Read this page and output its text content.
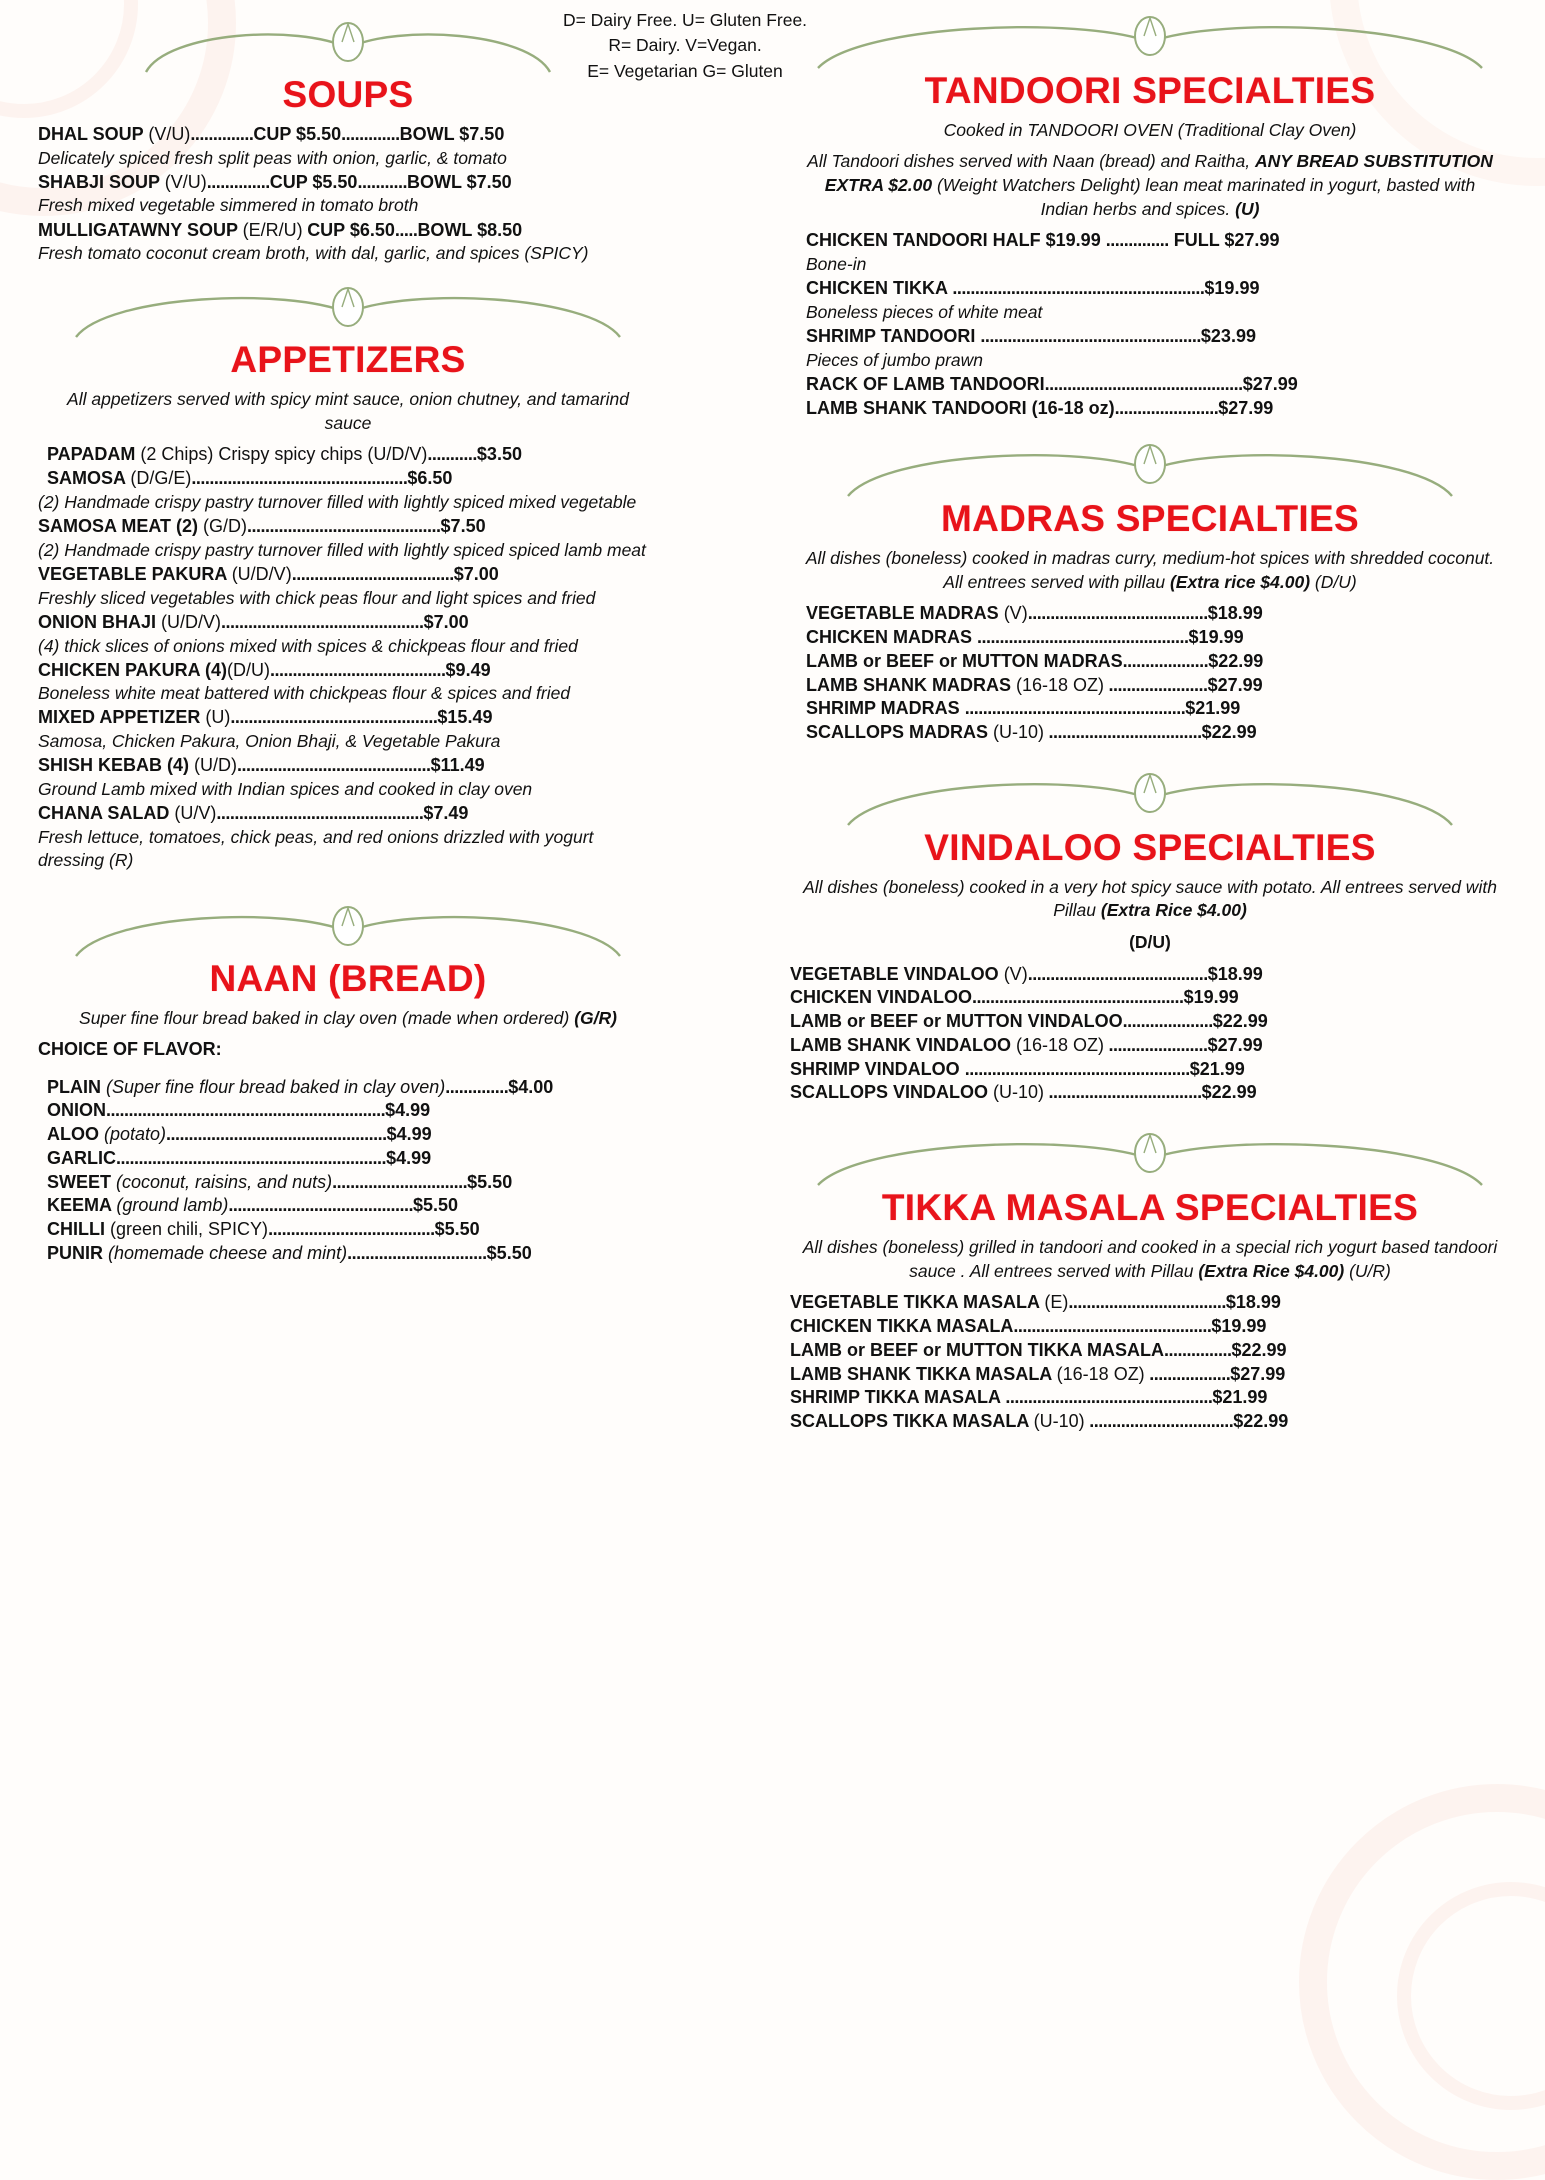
D= Dairy Free. U= Gluten Free.
R= Dairy. V=Vegan.
E= Vegetarian G= Gluten
SOUPS

DHAL SOUP (V/U)..............CUP $5.50.............BOWL $7.50

Delicately spiced fresh split peas with onion, garlic, & tomato

SHABJI SOUP (V/U)..............CUP $5.50...........BOWL $7.50

Fresh mixed vegetable simmered in tomato broth

MULLIGATAWNY SOUP (E/R/U) CUP $6.50.....BOWL $8.50

Fresh tomato coconut cream broth, with dal, garlic, and spices (SPICY)

APPETIZERS

All appetizers served with spicy mint sauce, onion chutney, and tamarind sauce

PAPADAM (2 Chips) Crispy spicy chips (U/D/V)...........$3.50

SAMOSA (D/G/E)................................................$6.50

(2) Handmade crispy pastry turnover filled with lightly spiced mixed vegetable

SAMOSA MEAT (2) (G/D)...........................................$7.50

(2) Handmade crispy pastry turnover filled with lightly spiced spiced lamb meat

VEGETABLE PAKURA (U/D/V)....................................$7.00

Freshly sliced vegetables with chick peas flour and light spices and fried

ONION BHAJI (U/D/V).............................................$7.00

(4) thick slices of onions mixed with spices & chickpeas flour and fried

CHICKEN PAKURA (4)(D/U).......................................$9.49

Boneless white meat battered with chickpeas flour & spices and fried

MIXED APPETIZER (U)..............................................$15.49

Samosa, Chicken Pakura, Onion Bhaji, & Vegetable Pakura

SHISH KEBAB (4) (U/D)...........................................$11.49

Ground Lamb mixed with Indian spices and cooked in clay oven

CHANA SALAD (U/V)..............................................$7.49

Fresh lettuce, tomatoes, chick peas, and red onions drizzled with yogurt dressing (R)

NAAN (BREAD)

Super fine flour bread baked in clay oven (made when ordered) (G/R)

CHOICE OF FLAVOR:

PLAIN (Super fine flour bread baked in clay oven)..............$4.00

ONION..............................................................$4.99

ALOO (potato).................................................$4.99

GARLIC............................................................$4.99

SWEET (coconut, raisins, and nuts)..............................$5.50

KEEMA (ground lamb).........................................$5.50

CHILLI (green chili, SPICY).....................................$5.50

PUNIR (homemade cheese and mint)...............................$5.50

TANDOORI SPECIALTIES

Cooked in TANDOORI OVEN (Traditional Clay Oven)

All Tandoori dishes served with Naan (bread) and Raitha, ANY BREAD SUBSTITUTION EXTRA $2.00 (Weight Watchers Delight) lean meat marinated in yogurt, basted with Indian herbs and spices. (U)

CHICKEN TANDOORI HALF $19.99 .............. FULL $27.99

Bone-in

CHICKEN TIKKA ........................................................$19.99

Boneless pieces of white meat

SHRIMP TANDOORI .................................................$23.99

Pieces of jumbo prawn

RACK OF LAMB TANDOORI............................................$27.99

LAMB SHANK TANDOORI (16-18 oz).......................$27.99

MADRAS SPECIALTIES

All dishes (boneless) cooked in madras curry, medium-hot spices with shredded coconut. All entrees served with pillau (Extra rice $4.00) (D/U)

VEGETABLE MADRAS (V)........................................$18.99

CHICKEN MADRAS ...............................................$19.99

LAMB or BEEF or MUTTON MADRAS...................$22.99

LAMB SHANK MADRAS (16-18 OZ) ......................$27.99

SHRIMP MADRAS .................................................$21.99

SCALLOPS MADRAS (U-10) ..................................$22.99

VINDALOO SPECIALTIES

All dishes (boneless) cooked in a very hot spicy sauce with potato. All entrees served with Pillau (Extra Rice $4.00)

(D/U)

VEGETABLE VINDALOO (V)........................................$18.99

CHICKEN VINDALOO...............................................$19.99

LAMB or BEEF or MUTTON VINDALOO....................$22.99

LAMB SHANK VINDALOO (16-18 OZ) ......................$27.99

SHRIMP VINDALOO ..................................................$21.99

SCALLOPS VINDALOO (U-10) ..................................$22.99

TIKKA MASALA SPECIALTIES

All dishes (boneless) grilled in tandoori and cooked in a special rich yogurt based tandoori sauce . All entrees served with Pillau (Extra Rice $4.00) (U/R)

VEGETABLE TIKKA MASALA (E)...................................$18.99

CHICKEN TIKKA MASALA............................................$19.99

LAMB or BEEF or MUTTON TIKKA MASALA...............$22.99

LAMB SHANK TIKKA MASALA (16-18 OZ) ..................$27.99

SHRIMP TIKKA MASALA ..............................................$21.99

SCALLOPS TIKKA MASALA (U-10) ................................$22.99
